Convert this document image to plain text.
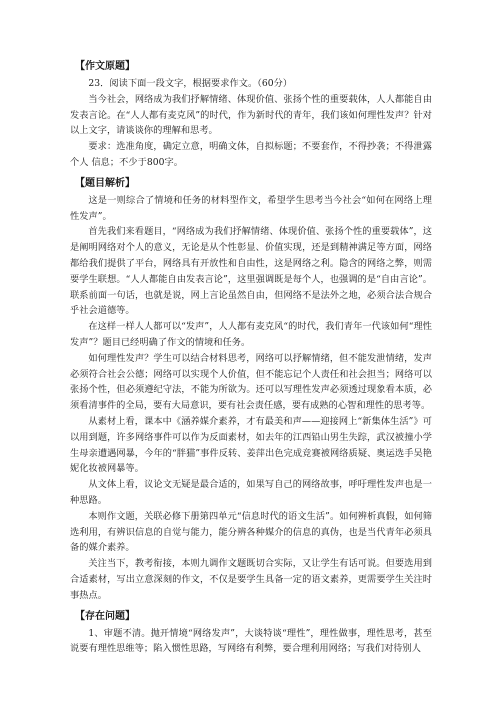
【作文原题】

23．阅读下面一段文字，根据要求作文。（60分）

当今社会，网络成为我们抒解情绪、体现价值、张扬个性的重要载体，人人都能自由发表言论。在“人人都有麦克风”的时代，作为新时代的青年，我们该如何理性发声？针对以上文字，请谈谈你的理解和思考。

要求：选准角度，确定立意，明确文体，自拟标题；不要套作，不得抄袭；不得泄露个人 信息；不少于800字。

【题目解析】

这是一则综合了情境和任务的材料型作文，希望学生思考当今社会“如何在网络上理性发声”。

首先我们来看题目，“网络成为我们抒解情绪、体现价值、张扬个性的重要载体”，这是阐明网络对个人的意义，无论是从个性彰显、价值实现，还是到精神满足等方面，网络都给我们提供了平台，网络具有开放性和自由性，这是网络之利。隐含的网络之弊，则需要学生联想。“人人都能自由发表言论”，这里强调既是每个人，也强调的是“自由言论”。联系前面一句话，也就是说，网上言论虽然自由，但网络不是法外之地，必须合法合规合乎社会道德等。

在这样一样人人都可以“发声”，人人都有麦克风“的时代，我们青年一代该如何“理性发声”？题目已经明确了作文的情境和任务。

如何理性发声？学生可以结合材料思考，网络可以抒解情绪，但不能发泄情绪，发声必须符合社会公德；网络可以实现个人价值，但不能忘记个人责任和社会担当；网络可以张扬个性，但必须遵纪守法，不能为所欲为。还可以写理性发声必须透过现象看本质，必须看清事件的全局，要有大局意识，要有社会责任感，要有成熟的心智和理性的思考等。

从素材上看，课本中《涵养媒介素养，才有最美和声——迎接网上“新集体生活”》可以用到题，许多网络事件可以作为反面素材，如去年的江西铅山男生失踪，武汉被撞小学生母亲遭遇网暴，今年的“胖猫”事件反转、姜萍出色完成竞赛被网络质疑、奥运选手吴艳妮化妆被网暴等。

从文体上看，议论文无疑是最合适的，如果写自己的网络故事，呼吁理性发声也是一种思路。

本则作文题，关联必修下册第四单元“信息时代的语文生活”。如何辨析真假，如何筛选利用，有辨识信息的自觉与能力，能分辨各种媒介的信息的真伪，也是当代青年必须具备的媒介素养。

关注当下，教考衔接，本则九调作文题既切合实际，又让学生有话可说。但要选用到合适素材，写出立意深刻的作文，不仅是要学生具备一定的语文素养，更需要学生关注时事热点。

【存在问题】

1、审题不清。抛开情境“网络发声”，大谈特谈“理性”，理性做事，理性思考，甚至说要有理性思维等；陷入惯性思路，写网络有利弊，要合理利用网络；写我们对待别人
